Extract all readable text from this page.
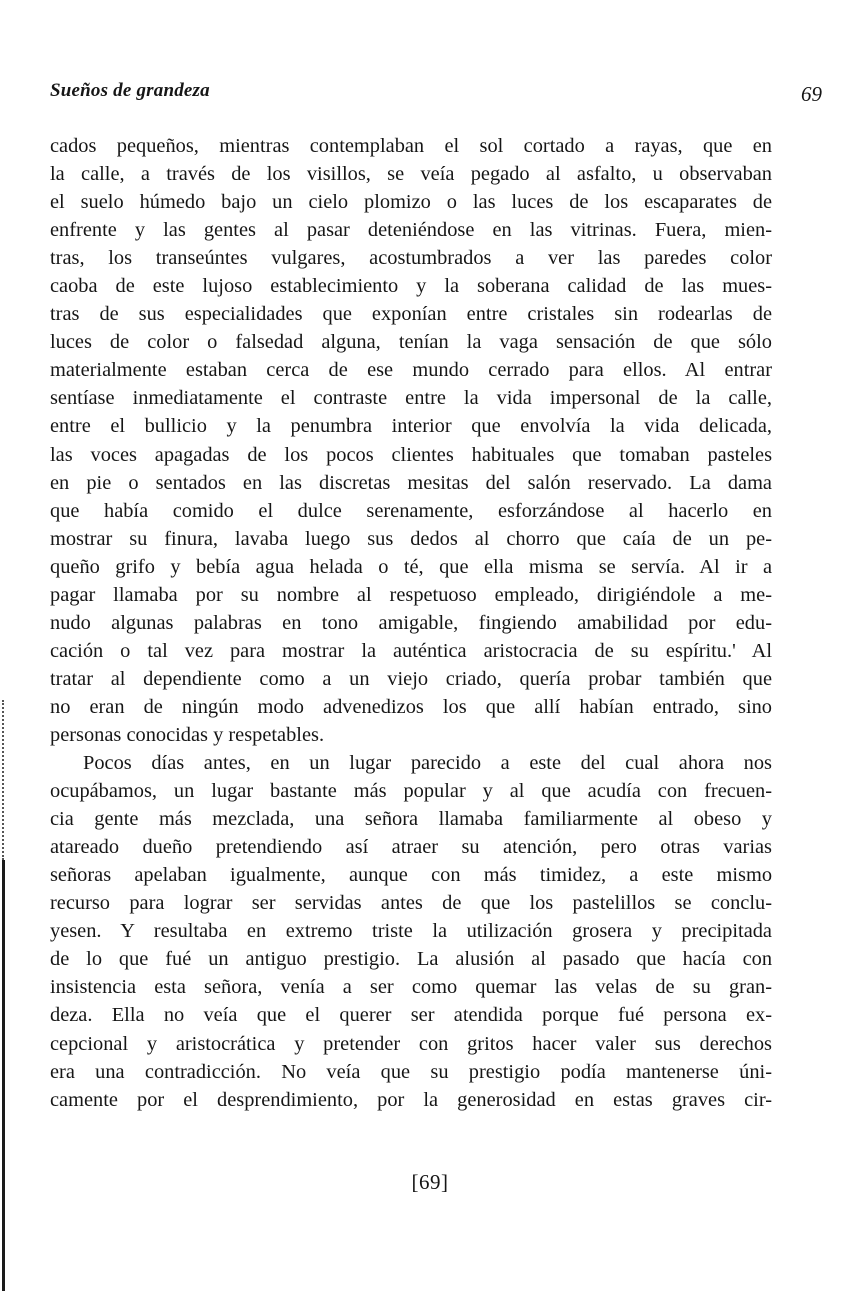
Sueños de grandeza	69
cados pequeños, mientras contemplaban el sol cortado a rayas, que en
la calle, a través de los visillos, se veía pegado al asfalto, u observaban
el suelo húmedo bajo un cielo plomizo o las luces de los escaparates de
enfrente y las gentes al pasar deteniéndose en las vitrinas. Fuera, mien-
tras, los transeúntes vulgares, acostumbrados a ver las paredes color
caoba de este lujoso establecimiento y la soberana calidad de las mues-
tras de sus especialidades que exponían entre cristales sin rodearlas de
luces de color o falsedad alguna, tenían la vaga sensación de que sólo
materialmente estaban cerca de ese mundo cerrado para ellos. Al entrar
sentíase inmediatamente el contraste entre la vida impersonal de la calle,
entre el bullicio y la penumbra interior que envolvía la vida delicada,
las voces apagadas de los pocos clientes habituales que tomaban pasteles
en pie o sentados en las discretas mesitas del salón reservado. La dama
que había comido el dulce serenamente, esforzándose al hacerlo en
mostrar su finura, lavaba luego sus dedos al chorro que caía de un pe-
queño grifo y bebía agua helada o té, que ella misma se servía. Al ir a
pagar llamaba por su nombre al respetuoso empleado, dirigiéndole a me-
nudo algunas palabras en tono amigable, fingiendo amabilidad por edu-
cación o tal vez para mostrar la auténtica aristocracia de su espíritu.' Al
tratar al dependiente como a un viejo criado, quería probar también que
no eran de ningún modo advenedizos los que allí habían entrado, sino
personas conocidas y respetables.
Pocos días antes, en un lugar parecido a este del cual ahora nos
ocupábamos, un lugar bastante más popular y al que acudía con frecuen-
cia gente más mezclada, una señora llamaba familiarmente al obeso y
atareado dueño pretendiendo así atraer su atención, pero otras varias
señoras apelaban igualmente, aunque con más timidez, a este mismo
recurso para lograr ser servidas antes de que los pastelillos se conclu-
yesen. Y resultaba en extremo triste la utilización grosera y precipitada
de lo que fué un antiguo prestigio. La alusión al pasado que hacía con
insistencia esta señora, venía a ser como quemar las velas de su gran-
deza. Ella no veía que el querer ser atendida porque fué persona ex-
cepcional y aristocrática y pretender con gritos hacer valer sus derechos
era una contradicción. No veía que su prestigio podía mantenerse úni-
camente por el desprendimiento, por la generosidad en estas graves cir-
[69]
